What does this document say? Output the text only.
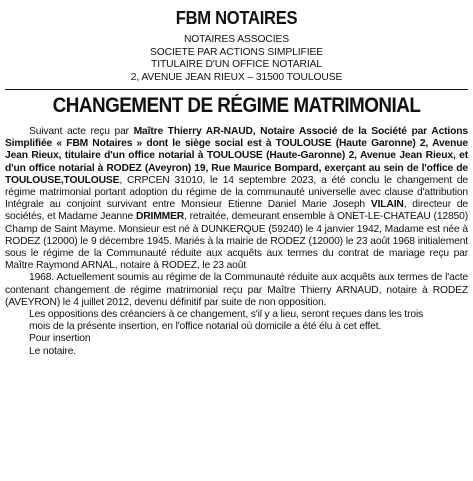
FBM NOTAIRES

NOTAIRES ASSOCIES

SOCIETE PAR ACTIONS SIMPLIFIEE

TITULAIRE D'UN OFFICE NOTARIAL

2, AVENUE JEAN RIEUX – 31500 TOULOUSE

CHANGEMENT DE RÉGIME MATRIMONIAL

Suivant acte reçu par Maître Thierry AR-NAUD, Notaire Associé de la Société par Actions Simplifiée « FBM Notaires » dont le siège social est à TOULOUSE (Haute Garonne) 2, Avenue Jean Rieux, titulaire d'un office notarial à TOULOUSE (Haute-Garonne) 2, Avenue Jean Rieux, et d'un office notarial à RODEZ (Aveyron) 19, Rue Maurice Bompard, exerçant au sein de l'office de TOULOUSE,TOULOUSE, CRPCEN 31010, le 14 septembre 2023, a été conclu le changement de régime matrimonial portant adoption du régime de la communauté universelle avec clause d'attribution Intégrale au conjoint survivant entre Monsieur Etienne Daniel Marie Joseph VILAIN, directeur de sociétés, et Madame Jeanne DRIMMER, retraitée, demeurant ensemble à ONET-LE-CHATEAU (12850) Champ de Saint Mayme. Monsieur est né à DUNKERQUE (59240) le 4 janvier 1942, Madame est née à RODEZ (12000) le 9 décembre 1945. Mariés à la mairie de RODEZ (12000) le 23 août 1968 initialement sous le régime de la Communauté réduite aux acquêts aux termes du contrat de mariage reçu par Maître Raymond ARNAL, notaire à RODEZ, le 23 août

1968. Actuellement soumis au régime de la Communauté réduite aux acquêts aux termes de l'acte contenant changement de régime matrimonial reçu par Maître Thierry ARNAUD, notaire à RODEZ (AVEYRON) le 4 juillet 2012, devenu définitif par suite de non opposition.

Les oppositions des créanciers à ce changement, s'il y a lieu, seront reçues dans les trois

mois de la présente insertion, en l'office notarial où domicile a été élu à cet effet.

Pour insertion

Le notaire.
